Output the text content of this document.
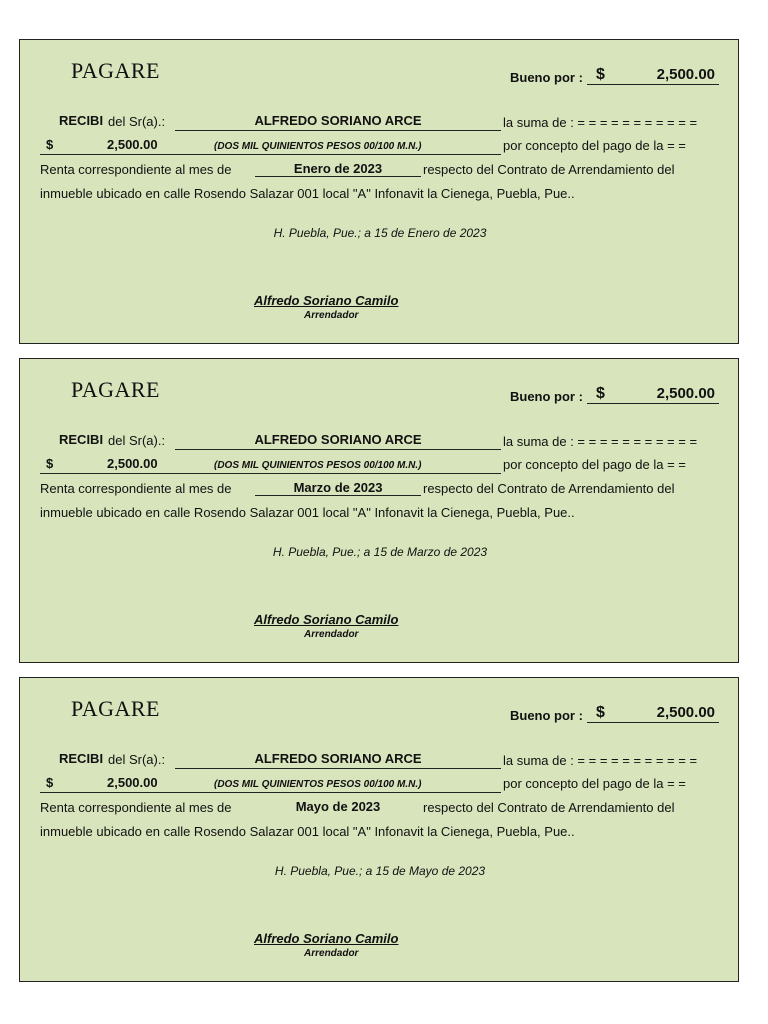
PAGARE	Bueno por : $	2,500.00
RECIBI del Sr(a).:	ALFREDO SORIANO ARCE	la suma de : = = = = = = = = = = =
$	2,500.00	(DOS MIL QUINIENTOS PESOS 00/100 M.N.)	por concepto del pago de la = =
Renta correspondiente al mes de	Enero de 2023	respecto del Contrato de Arrendamiento del
inmueble ubicado en calle Rosendo Salazar 001 local "A" Infonavit la Cienega, Puebla, Pue..
H. Puebla, Pue.; a 15 de Enero de 2023
Alfredo Soriano Camilo
Arrendador
PAGARE	Bueno por : $	2,500.00
RECIBI del Sr(a).:	ALFREDO SORIANO ARCE	la suma de : = = = = = = = = = = =
$	2,500.00	(DOS MIL QUINIENTOS PESOS 00/100 M.N.)	por concepto del pago de la = =
Renta correspondiente al mes de	Marzo de 2023	respecto del Contrato de Arrendamiento del
inmueble ubicado en calle Rosendo Salazar 001 local "A" Infonavit la Cienega, Puebla, Pue..
H. Puebla, Pue.; a 15 de Marzo de 2023
Alfredo Soriano Camilo
Arrendador
PAGARE	Bueno por : $	2,500.00
RECIBI del Sr(a).:	ALFREDO SORIANO ARCE	la suma de : = = = = = = = = = = =
$	2,500.00	(DOS MIL QUINIENTOS PESOS 00/100 M.N.)	por concepto del pago de la = =
Renta correspondiente al mes de	Mayo de 2023	respecto del Contrato de Arrendamiento del
inmueble ubicado en calle Rosendo Salazar 001 local "A" Infonavit la Cienega, Puebla, Pue..
H. Puebla, Pue.; a 15 de Mayo de 2023
Alfredo Soriano Camilo
Arrendador
